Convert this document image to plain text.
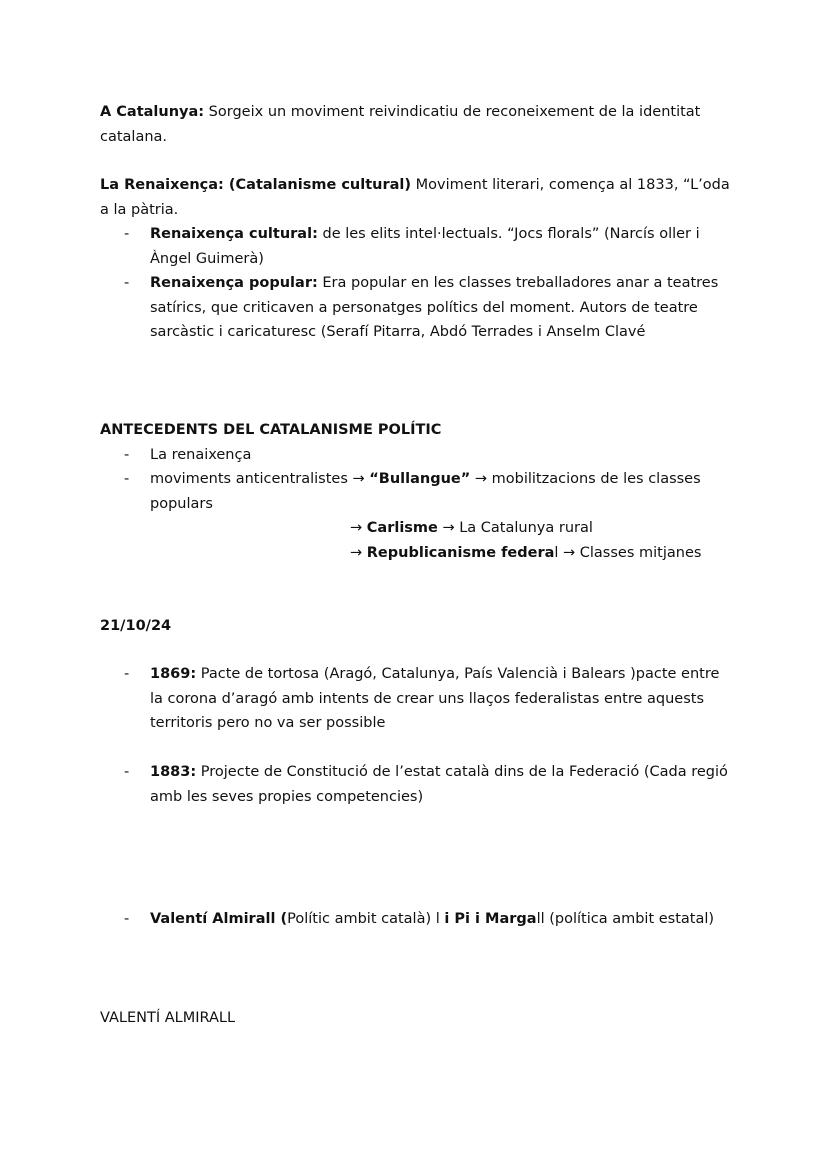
A Catalunya: Sorgeix un moviment reivindicatiu de reconeixement de la identitat catalana.

La Renaixença: (Catalanisme cultural) Moviment literari, comença al 1833, “L’oda a la pàtria.

- Renaixença cultural: de les elits intel·lectuals. “Jocs florals” (Narcís oller i Àngel Guimerà)
- Renaixença popular: Era popular en les classes treballadores anar a teatres satírics, que criticaven a personatges polítics del moment. Autors de teatre sarcàstic i caricaturesc (Serafí Pitarra, Abdó Terrades i Anselm Clavé

ANTECEDENTS DEL CATALANISME POLÍTIC

- La renaixença
- moviments anticentralistes → “Bullangue” → mobilitzacions de les classes populars

→ Carlisme → La Catalunya rural

→ Republicanisme federal → Classes mitjanes

21/10/24

- 1869: Pacte de tortosa (Aragó, Catalunya, País Valencià i Balears )pacte entre la corona d’aragó amb intents de crear uns llaços federalistas entre aquests territoris pero no va ser possible
- 1883: Projecte de Constitució de l’estat català dins de la Federació (Cada regió amb les seves propies competencies)
- Valentí Almirall (Polític ambit català) l i Pi i Margall (política ambit estatal)

VALENTÍ ALMIRALL
